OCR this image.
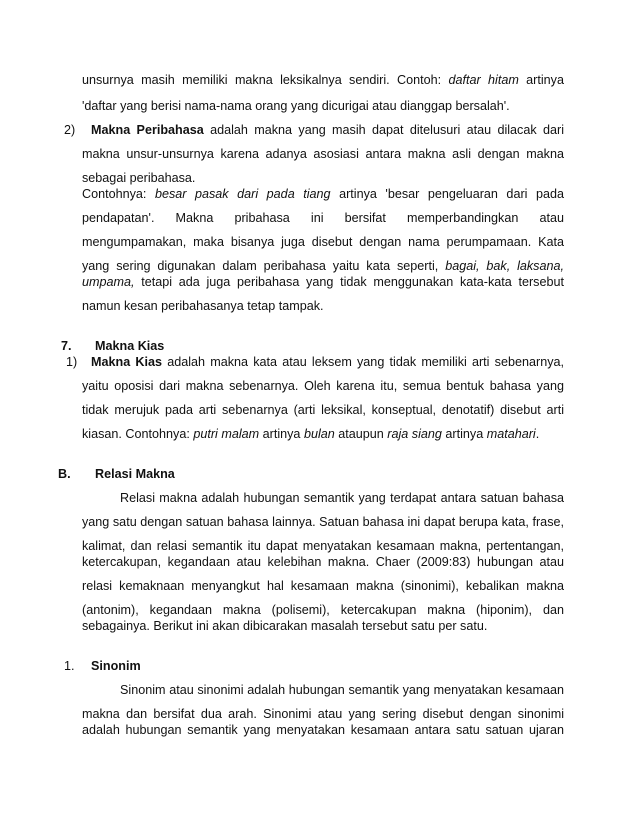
unsurnya masih memiliki makna leksikalnya sendiri. Contoh: daftar hitam artinya
'daftar yang berisi nama-nama orang yang dicurigai atau dianggap bersalah'.
2) Makna Peribahasa adalah makna yang masih dapat ditelusuri atau dilacak dari
makna unsur-unsurnya karena adanya asosiasi antara makna asli dengan makna
sebagai peribahasa.
Contohnya: besar pasak dari pada tiang artinya 'besar pengeluaran dari pada
pendapatan'. Makna pribahasa ini bersifat memperbandingkan atau
mengumpamakan, maka bisanya juga disebut dengan nama perumpamaan. Kata
yang sering digunakan dalam peribahasa yaitu kata seperti, bagai, bak, laksana,
umpama, tetapi ada juga peribahasa yang tidak menggunakan kata-kata tersebut
namun kesan peribahasanya tetap tampak.
7. Makna Kias
1) Makna Kias adalah makna kata atau leksem yang tidak memiliki arti sebenarnya,
yaitu oposisi dari makna sebenarnya. Oleh karena itu, semua bentuk bahasa yang
tidak merujuk pada arti sebenarnya (arti leksikal, konseptual, denotatif) disebut arti
kiasan. Contohnya: putri malam artinya bulan ataupun raja siang artinya matahari.
B. Relasi Makna
Relasi makna adalah hubungan semantik yang terdapat antara satuan bahasa
yang satu dengan satuan bahasa lainnya. Satuan bahasa ini dapat berupa kata, frase,
kalimat, dan relasi semantik itu dapat menyatakan kesamaan makna, pertentangan,
ketercakupan, kegandaan atau kelebihan makna. Chaer (2009:83) hubungan atau
relasi kemaknaan menyangkut hal kesamaan makna (sinonimi), kebalikan makna
(antonim), kegandaan makna (polisemi), ketercakupan makna (hiponim), dan
sebagainya. Berikut ini akan dibicarakan masalah tersebut satu per satu.
1. Sinonim
Sinonim atau sinonimi adalah hubungan semantik yang menyatakan kesamaan
makna dan bersifat dua arah. Sinonimi atau yang sering disebut dengan sinonimi
adalah hubungan semantik yang menyatakan kesamaan antara satu satuan ujaran
